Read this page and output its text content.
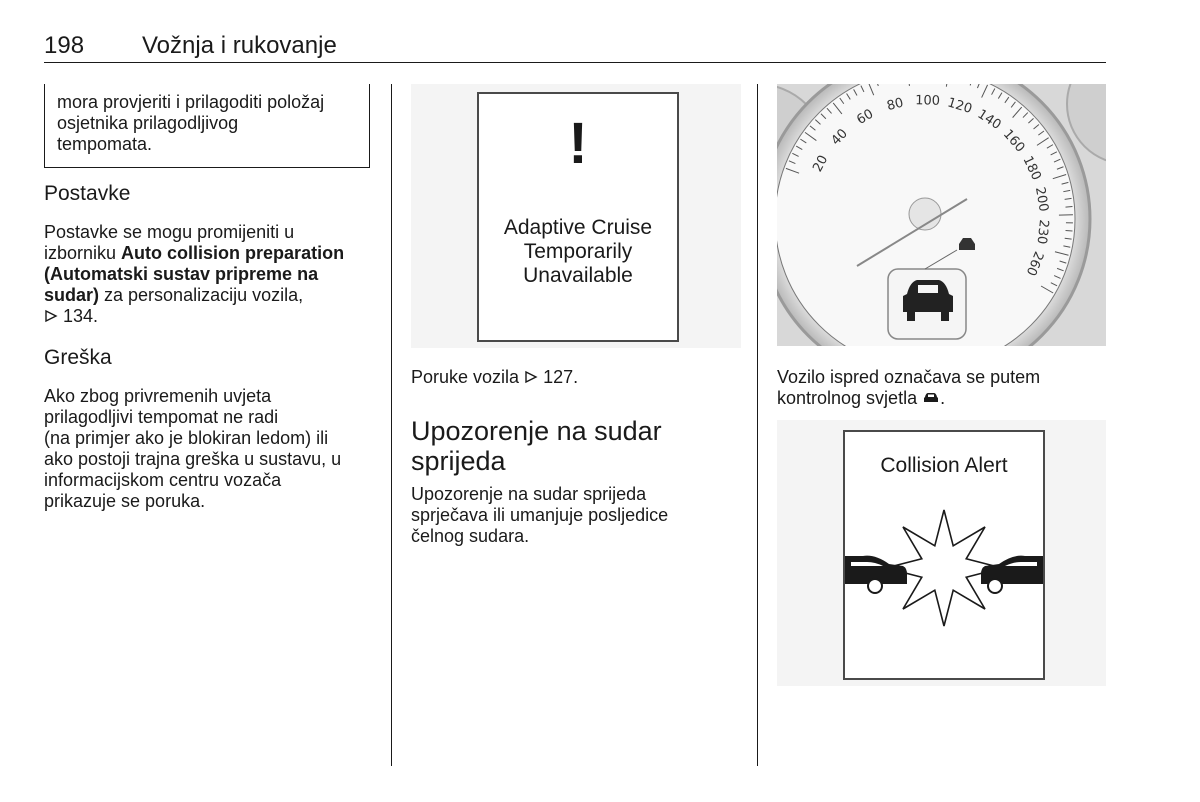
198 Vožnja i rukovanje
mora provjeriti i prilagoditi položaj
osjetnika prilagodljivog
tempomata.
Postavke
Postavke se mogu promijeniti u
izborniku Auto collision preparation
(Automatski sustav pripreme na
sudar) za personalizaciju vozila,
134.
Greška
Ako zbog privremenih uvjeta
prilagodljivi tempomat ne radi
(na primjer ako je blokiran ledom) ili
ako postoji trajna greška u sustavu, u
informacijskom centru vozača
prikazuje se poruka.
!
Adaptive Cruise
Temporarily
Unavailable
Poruke vozila 127.
Upozorenje na sudar
sprijeda
Upozorenje na sudar sprijeda
sprječava ili umanjuje posljedice
čelnog sudara.
20
40
60
80 100 120
140
160
180
200
230
260
Vozilo ispred označava se putem
kontrolnog svjetla .
Collision Alert
